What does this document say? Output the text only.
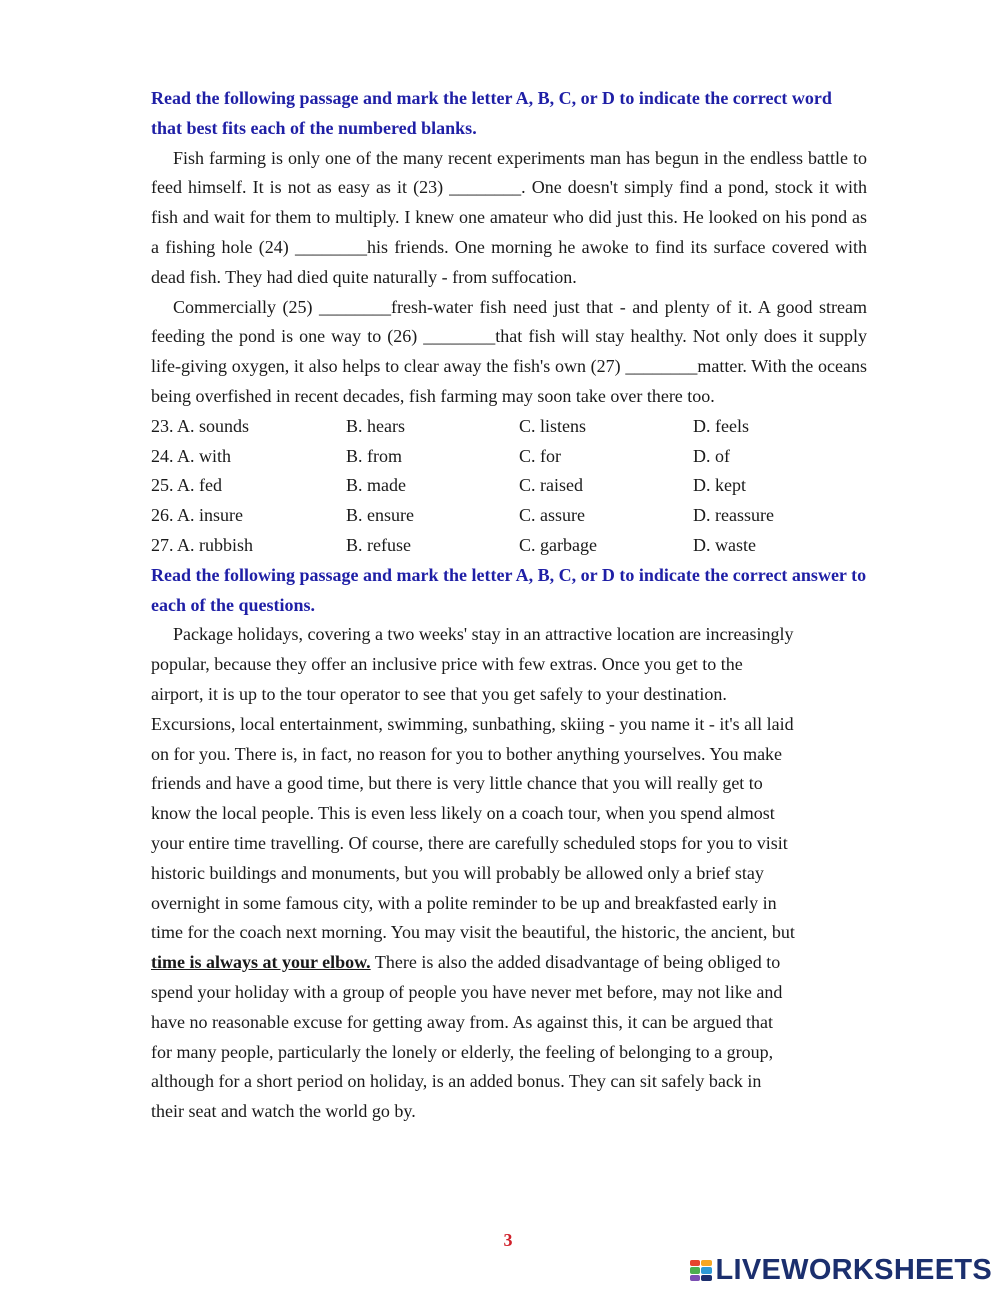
Read the following passage and mark the letter A, B, C, or D to indicate the correct word that best fits each of the numbered blanks.

Fish farming is only one of the many recent experiments man has begun in the endless battle to feed himself. It is not as easy as it (23) ________. One doesn't simply find a pond, stock it with fish and wait for them to multiply. I knew one amateur who did just this. He looked on his pond as a fishing hole (24) ________his friends. One morning he awoke to find its surface covered with dead fish. They had died quite naturally - from suffocation.

Commercially (25) ________fresh-water fish need just that - and plenty of it. A good stream feeding the pond is one way to (26) ________that fish will stay healthy. Not only does it supply life-giving oxygen, it also helps to clear away the fish's own (27) ________matter. With the oceans being overfished in recent decades, fish farming may soon take over there too.

23. A. sounds	B. hears	C. listens	D. feels
24. A. with	B. from	C. for	D. of
25. A. fed	B. made	C. raised	D. kept
26. A. insure	B. ensure	C. assure	D. reassure
27. A. rubbish	B. refuse	C. garbage	D. waste

Read the following passage and mark the letter A, B, C, or D to indicate the correct answer to each of the questions.

Package holidays, covering a two weeks' stay in an attractive location are increasingly
popular, because they offer an inclusive price with few extras. Once you get to the
airport, it is up to the tour operator to see that you get safely to your destination.
Excursions, local entertainment, swimming, sunbathing, skiing - you name it - it's all laid
on for you. There is, in fact, no reason for you to bother anything yourselves. You make
friends and have a good time, but there is very little chance that you will really get to
know the local people. This is even less likely on a coach tour, when you spend almost
your entire time travelling. Of course, there are carefully scheduled stops for you to visit
historic buildings and monuments, but you will probably be allowed only a brief stay
overnight in some famous city, with a polite reminder to be up and breakfasted early in
time for the coach next morning. You may visit the beautiful, the historic, the ancient, but
time is always at your elbow. There is also the added disadvantage of being obliged to
spend your holiday with a group of people you have never met before, may not like and
have no reasonable excuse for getting away from. As against this, it can be argued that
for many people, particularly the lonely or elderly, the feeling of belonging to a group,
although for a short period on holiday, is an added bonus. They can sit safely back in
their seat and watch the world go by.

3
LIVEWORKSHEETS
